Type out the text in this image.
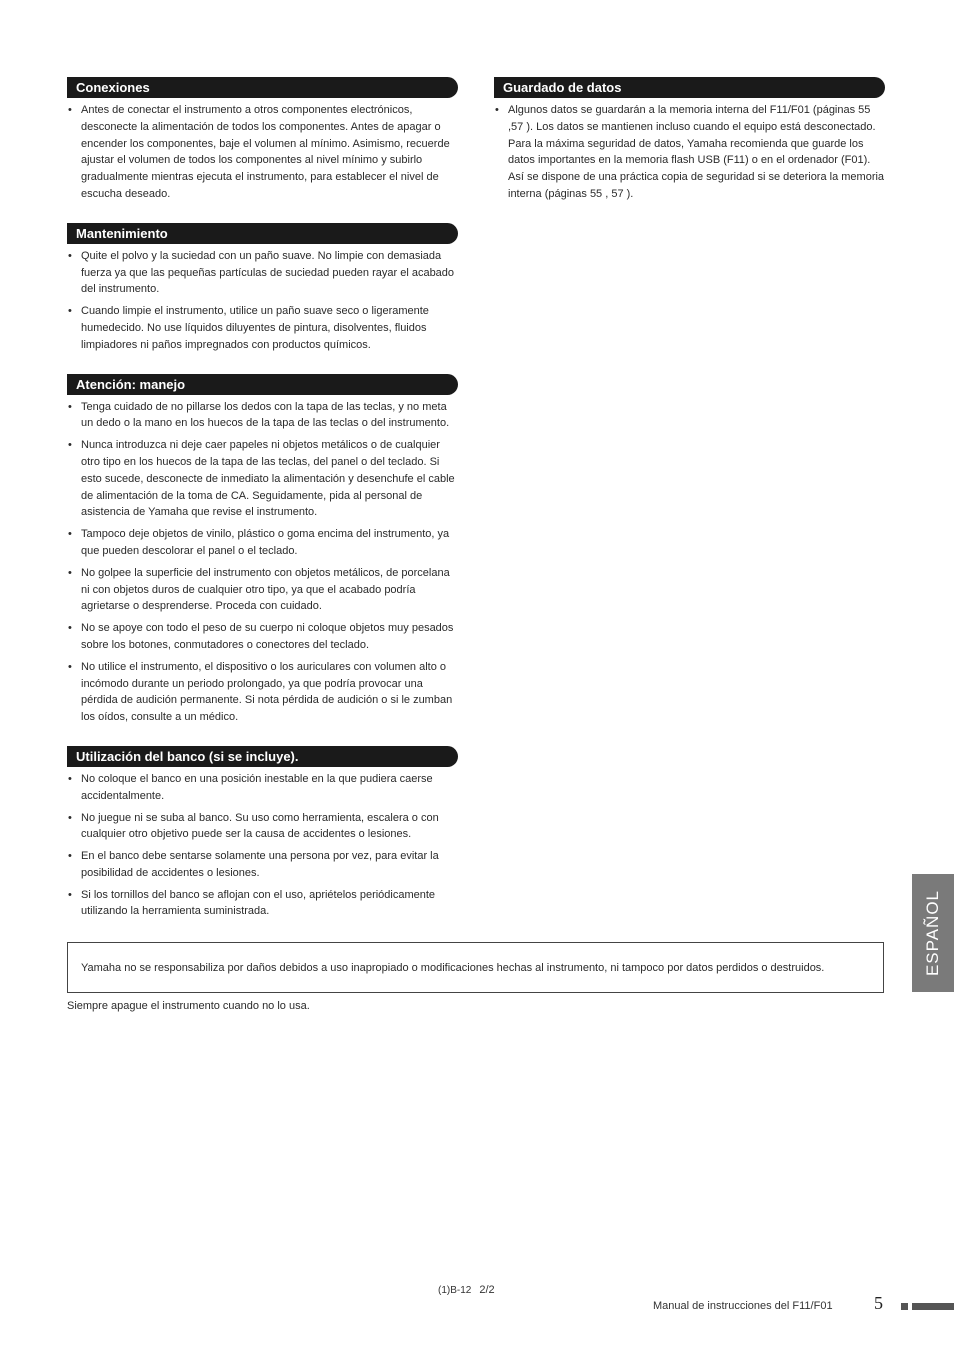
Conexiones
• Antes de conectar el instrumento a otros componentes electrónicos, desconecte la alimentación de todos los componentes. Antes de apagar o encender los componentes, baje el volumen al mínimo. Asimismo, recuerde ajustar el volumen de todos los componentes al nivel mínimo y subirlo gradualmente mientras ejecuta el instrumento, para establecer el nivel de escucha deseado.
Mantenimiento
• Quite el polvo y la suciedad con un paño suave. No limpie con demasiada fuerza ya que las pequeñas partículas de suciedad pueden rayar el acabado del instrumento.
• Cuando limpie el instrumento, utilice un paño suave seco o ligeramente humedecido. No use líquidos diluyentes de pintura, disolventes, fluidos limpiadores ni paños impregnados con productos químicos.
Atención: manejo
• Tenga cuidado de no pillarse los dedos con la tapa de las teclas, y no meta un dedo o la mano en los huecos de la tapa de las teclas o del instrumento.
• Nunca introduzca ni deje caer papeles ni objetos metálicos o de cualquier otro tipo en los huecos de la tapa de las teclas, del panel o del teclado. Si esto sucede, desconecte de inmediato la alimentación y desenchufe el cable de alimentación de la toma de CA. Seguidamente, pida al personal de asistencia de Yamaha que revise el instrumento.
• Tampoco deje objetos de vinilo, plástico o goma encima del instrumento, ya que pueden descolorar el panel o el teclado.
• No golpee la superficie del instrumento con objetos metálicos, de porcelana ni con objetos duros de cualquier otro tipo, ya que el acabado podría agrietarse o desprenderse. Proceda con cuidado.
• No se apoye con todo el peso de su cuerpo ni coloque objetos muy pesados sobre los botones, conmutadores o conectores del teclado.
• No utilice el instrumento, el dispositivo o los auriculares con volumen alto o incómodo durante un periodo prolongado, ya que podría provocar una pérdida de audición permanente. Si nota pérdida de audición o si le zumban los oídos, consulte a un médico.
Utilización del banco (si se incluye).
• No coloque el banco en una posición inestable en la que pudiera caerse accidentalmente.
• No juegue ni se suba al banco. Su uso como herramienta, escalera o con cualquier otro objetivo puede ser la causa de accidentes o lesiones.
• En el banco debe sentarse solamente una persona por vez, para evitar la posibilidad de accidentes o lesiones.
• Si los tornillos del banco se aflojan con el uso, apriételos periódicamente utilizando la herramienta suministrada.
Guardado de datos
• Algunos datos se guardarán a la memoria interna del F11/F01 (páginas 55 ,57 ). Los datos se mantienen incluso cuando el equipo está desconectado. Para la máxima seguridad de datos, Yamaha recomienda que guarde los datos importantes en la memoria flash USB (F11) o en el ordenador (F01). Así se dispone de una práctica copia de seguridad si se deteriora la memoria interna (páginas 55 , 57 ).
Yamaha no se responsabiliza por daños debidos a uso inapropiado o modificaciones hechas al instrumento, ni tampoco por datos perdidos o destruidos.
Siempre apague el instrumento cuando no lo usa.
ESPAÑOL
(1)B-12 2/2
Manual de instrucciones del F11/F01 5
